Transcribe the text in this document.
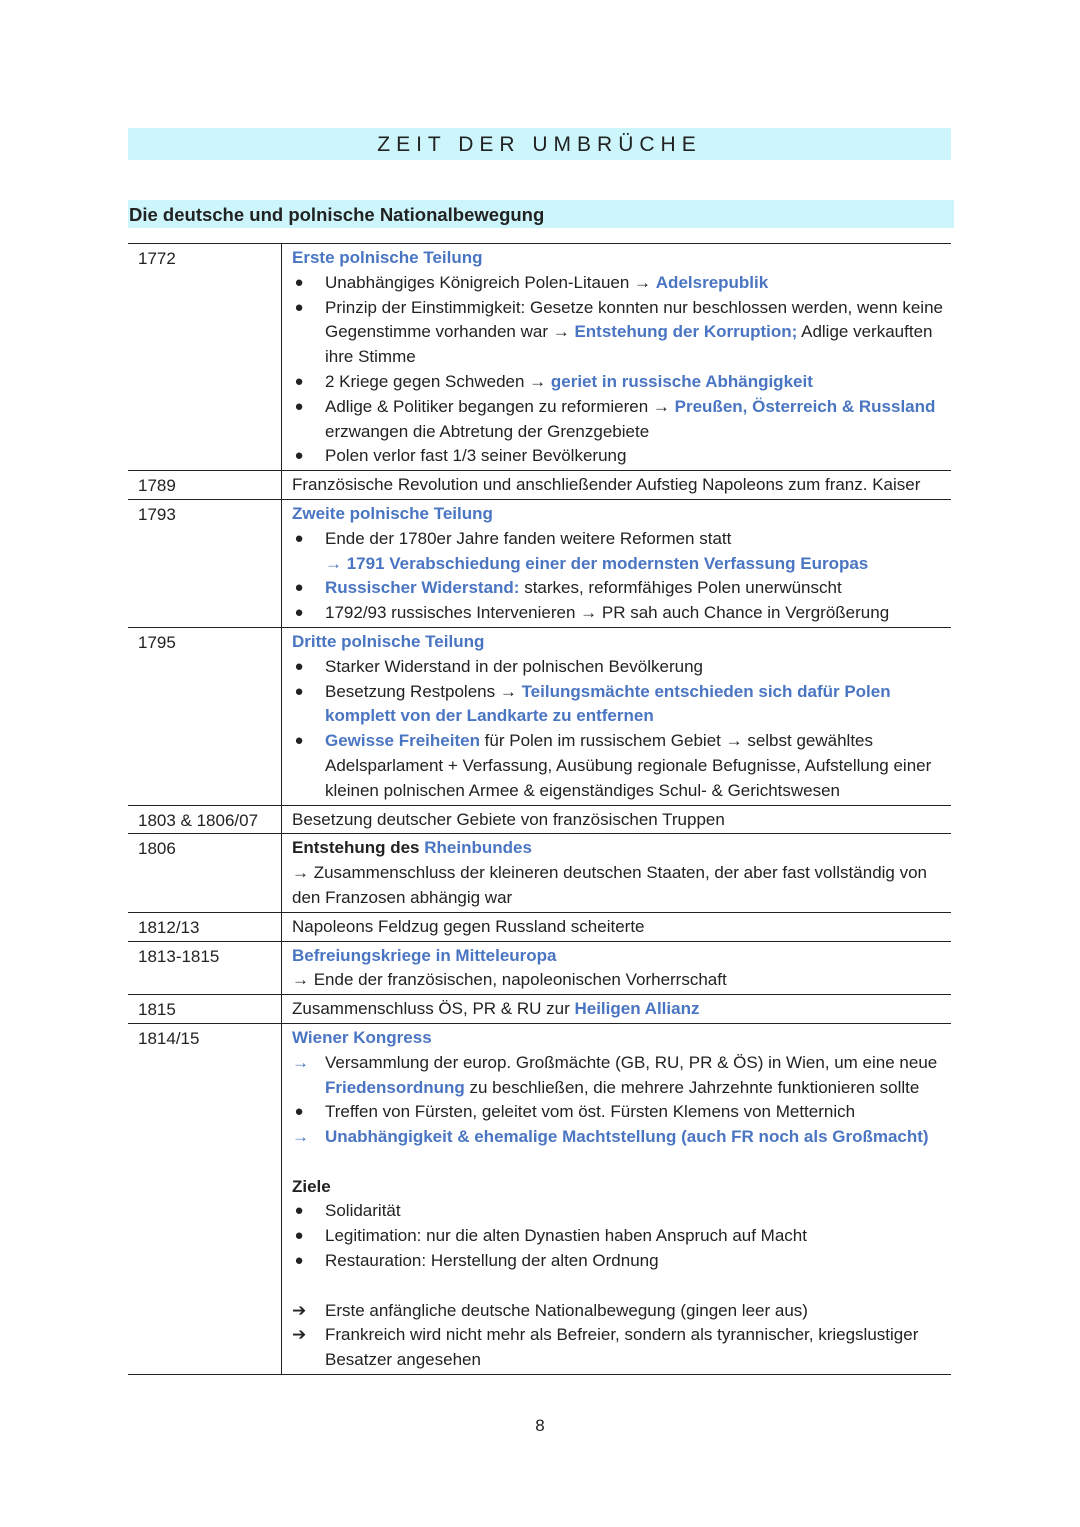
ZEIT DER UMBRÜCHE
Die deutsche und polnische Nationalbewegung
1772	Erste polnische Teilung
● Unabhängiges Königreich Polen-Litauen → Adelsrepublik
● Prinzip der Einstimmigkeit: Gesetze konnten nur beschlossen werden, wenn keine Gegenstimme vorhanden war → Entstehung der Korruption; Adlige verkauften ihre Stimme
● 2 Kriege gegen Schweden → geriet in russische Abhängigkeit
● Adlige & Politiker begangen zu reformieren → Preußen, Österreich & Russland erzwangen die Abtretung der Grenzgebiete
● Polen verlor fast 1/3 seiner Bevölkerung
1789	Französische Revolution und anschließender Aufstieg Napoleons zum franz. Kaiser
1793	Zweite polnische Teilung
● Ende der 1780er Jahre fanden weitere Reformen statt
→ 1791 Verabschiedung einer der modernsten Verfassung Europas
● Russischer Widerstand: starkes, reformfähiges Polen unerwünscht
● 1792/93 russisches Intervenieren → PR sah auch Chance in Vergrößerung
1795	Dritte polnische Teilung
● Starker Widerstand in der polnischen Bevölkerung
● Besetzung Restpolens → Teilungsmächte entschieden sich dafür Polen komplett von der Landkarte zu entfernen
● Gewisse Freiheiten für Polen im russischem Gebiet → selbst gewähltes Adelsparlament + Verfassung, Ausübung regionale Befugnisse, Aufstellung einer kleinen polnischen Armee & eigenständiges Schul- & Gerichtswesen
1803 & 1806/07	Besetzung deutscher Gebiete von französischen Truppen
1806	Entstehung des Rheinbundes
→ Zusammenschluss der kleineren deutschen Staaten, der aber fast vollständig von den Franzosen abhängig war
1812/13	Napoleons Feldzug gegen Russland scheiterte
1813-1815	Befreiungskriege in Mitteleuropa
→ Ende der französischen, napoleonischen Vorherrschaft
1815	Zusammenschluss ÖS, PR & RU zur Heiligen Allianz
1814/15	Wiener Kongress
→ Versammlung der europ. Großmächte (GB, RU, PR & ÖS) in Wien, um eine neue Friedensordnung zu beschließen, die mehrere Jahrzehnte funktionieren sollte
● Treffen von Fürsten, geleitet vom öst. Fürsten Klemens von Metternich
→ Unabhängigkeit & ehemalige Machtstellung (auch FR noch als Großmacht)
Ziele
● Solidarität
● Legitimation: nur die alten Dynastien haben Anspruch auf Macht
● Restauration: Herstellung der alten Ordnung
➔	Erste anfängliche deutsche Nationalbewegung (gingen leer aus)
➔	Frankreich wird nicht mehr als Befreier, sondern als tyrannischer, kriegslustiger Besatzer angesehen
8
